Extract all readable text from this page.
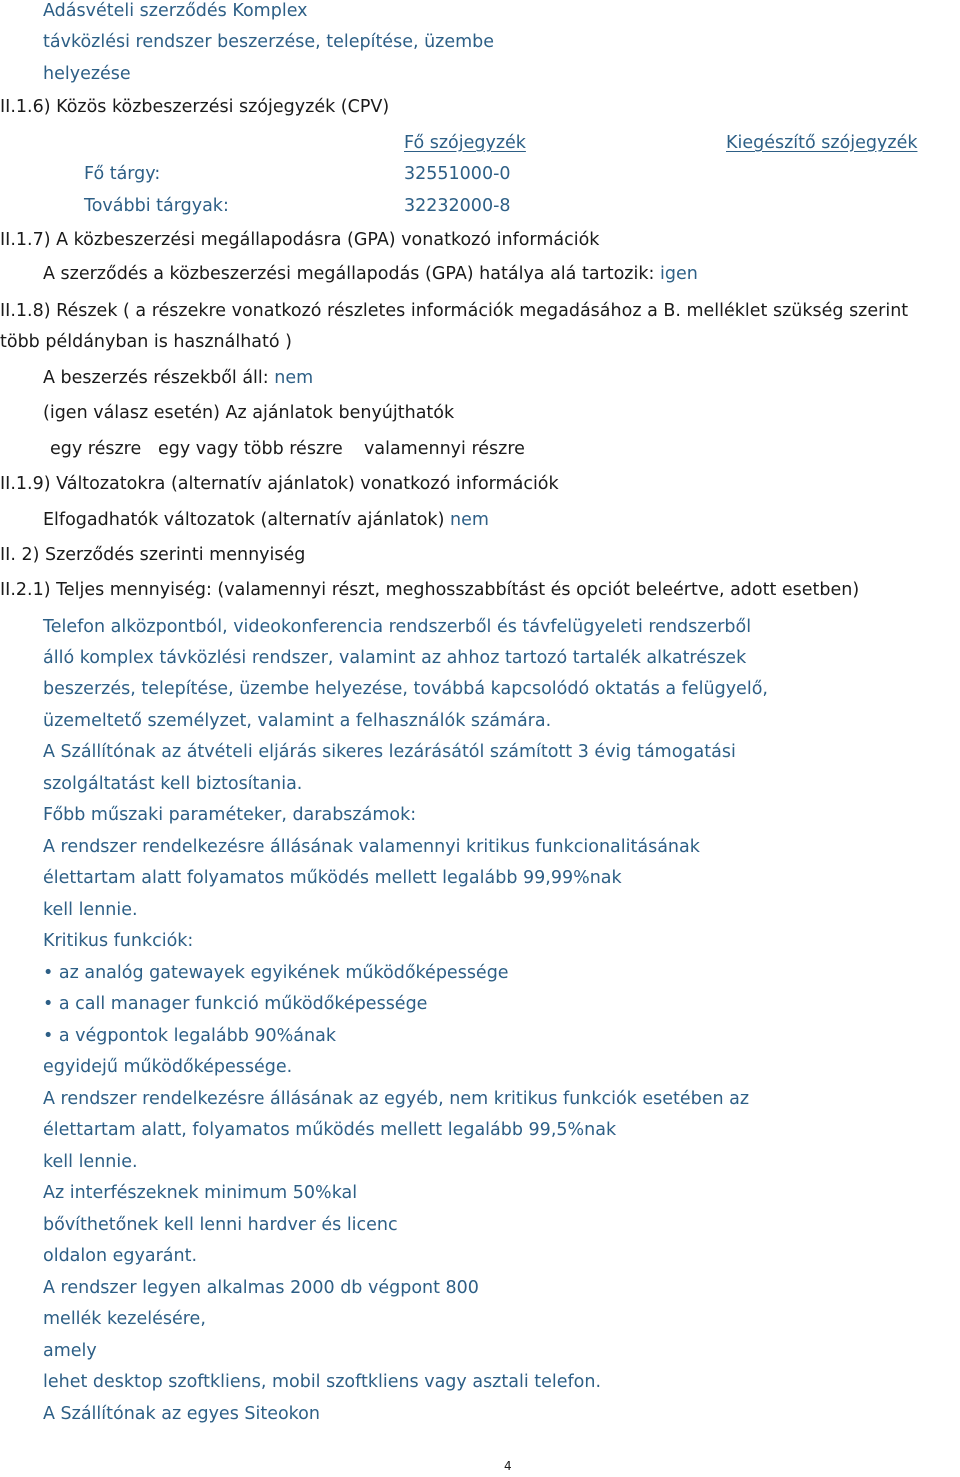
Adásvételi szerződés Komplex
távközlési rendszer beszerzése, telepítése, üzembe
helyezése
II.1.6) Közös közbeszerzési szójegyzék (CPV)
Fő szójegyzék	Kiegészítő szójegyzék
Fő tárgy:	32551000-0
További tárgyak:	32232000-8
II.1.7) A közbeszerzési megállapodásra (GPA) vonatkozó információk
A szerződés a közbeszerzési megállapodás (GPA) hatálya alá tartozik: igen
II.1.8) Részek ( a részekre vonatkozó részletes információk megadásához a B. melléklet szükség szerint
több példányban is használható )
A beszerzés részekből áll: nem
(igen válasz esetén) Az ajánlatok benyújthatók
egy részre egy vagy több részre valamennyi részre
II.1.9) Változatokra (alternatív ajánlatok) vonatkozó információk
Elfogadhatók változatok (alternatív ajánlatok) nem
II. 2) Szerződés szerinti mennyiség
II.2.1) Teljes mennyiség: (valamennyi részt, meghosszabbítást és opciót beleértve, adott esetben)
Telefon alközpontból, videokonferencia rendszerből és távfelügyeleti rendszerből
álló komplex távközlési rendszer, valamint az ahhoz tartozó tartalék alkatrészek
beszerzés, telepítése, üzembe helyezése, továbbá kapcsolódó oktatás a felügyelő,
üzemeltető személyzet, valamint a felhasználók számára.
A Szállítónak az átvételi eljárás sikeres lezárásától számított 3 évig támogatási
szolgáltatást kell biztosítania.
Főbb műszaki paraméteker, darabszámok:
A rendszer rendelkezésre állásának valamennyi kritikus funkcionalitásának
élettartam alatt folyamatos működés mellett legalább 99,99%nak
kell lennie.
Kritikus funkciók:
• az analóg gatewayek egyikének működőképessége
• a call manager funkció működőképessége
• a végpontok legalább 90%ának
egyidejű működőképessége.
A rendszer rendelkezésre állásának az egyéb, nem kritikus funkciók esetében az
élettartam alatt, folyamatos működés mellett legalább 99,5%nak
kell lennie.
Az interfészeknek minimum 50%kal
bővíthetőnek kell lenni hardver és licenc
oldalon egyaránt.
A rendszer legyen alkalmas 2000 db végpont 800
mellék kezelésére,
amely
lehet desktop szoftkliens, mobil szoftkliens vagy asztali telefon.
A Szállítónak az egyes Siteokon
4
